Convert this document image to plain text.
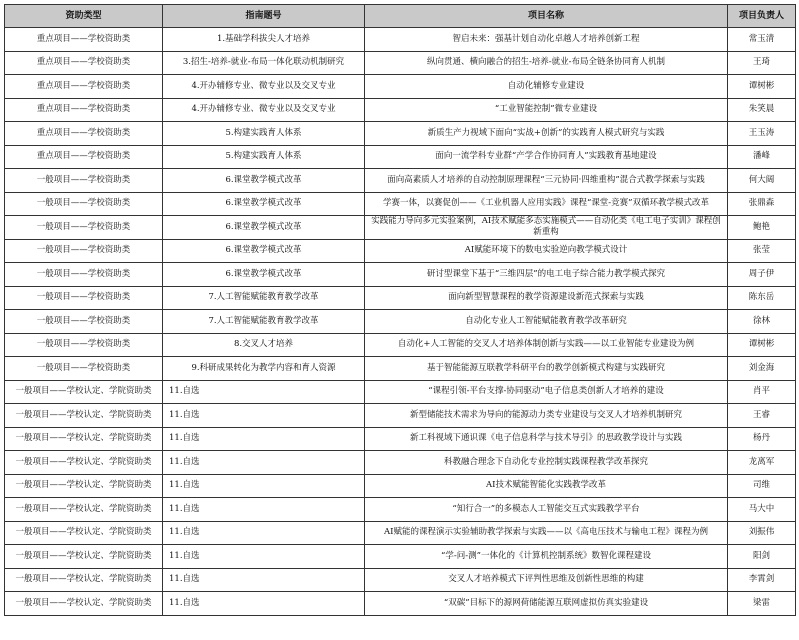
资助类型	指南题号	项目名称	项目负责人
重点项目——学校资助类	1.基础学科拔尖人才培养	智启未来：强基计划自动化卓越人才培养创新工程	常玉清
重点项目——学校资助类	3.招生-培养-就业-布局一体化联动机制研究	纵向贯通、横向融合的招生-培养-就业-布局全链条协同育人机制	王琦
重点项目——学校资助类	4.开办辅修专业、微专业以及交叉专业	自动化辅修专业建设	谭树彬
重点项目——学校资助类	4.开办辅修专业、微专业以及交叉专业	“工业智能控制”微专业建设	朱笑晨
重点项目——学校资助类	5.构建实践育人体系	新质生产力视域下面向“实战+创新”的实践育人模式研究与实践	王玉涛
重点项目——学校资助类	5.构建实践育人体系	面向一流学科专业群“产学合作协同育人”实践教育基地建设	潘峰
一般项目——学校资助类	6.课堂教学模式改革	面向高素质人才培养的自动控制原理课程“三元协同·四维重构”混合式教学探索与实践	何大阔
一般项目——学校资助类	6.课堂教学模式改革	学赛一体，以赛促创——《工业机器人应用实践》课程“课堂-竞赛”双循环教学模式改革	张鼎森
一般项目——学校资助类	6.课堂教学模式改革	实践能力导向多元实验案例，AI技术赋能多态实施模式——自动化类《电工电子实训》课程创新重构	鲍艳
一般项目——学校资助类	6.课堂教学模式改革	AI赋能环境下的数电实验逆向教学模式设计	张莹
一般项目——学校资助类	6.课堂教学模式改革	研讨型课堂下基于“三维四层”的电工电子综合能力教学模式探究	周子伊
一般项目——学校资助类	7.人工智能赋能教育教学改革	面向新型智慧课程的教学资源建设新范式探索与实践	陈东岳
一般项目——学校资助类	7.人工智能赋能教育教学改革	自动化专业人工智能赋能教育教学改革研究	徐林
一般项目——学校资助类	8.交叉人才培养	自动化+人工智能的交叉人才培养体制创新与实践——以工业智能专业建设为例	谭树彬
一般项目——学校资助类	9.科研成果转化为教学内容和育人资源	基于智能能源互联教学科研平台的教学创新模式构建与实践研究	刘金海
一般项目——学校认定、学院资助类	11.自选	“课程引领-平台支撑-协同驱动”电子信息类创新人才培养的建设	肖平
一般项目——学校认定、学院资助类	11.自选	新型储能技术需求为导向的能源动力类专业建设与交叉人才培养机制研究	王睿
一般项目——学校认定、学院资助类	11.自选	新工科视域下通识课《电子信息科学与技术导引》的思政教学设计与实践	杨丹
一般项目——学校认定、学院资助类	11.自选	科教融合理念下自动化专业控制实践课程教学改革探究	龙离军
一般项目——学校认定、学院资助类	11.自选	AI技术赋能智能化实践教学改革	司维
一般项目——学校认定、学院资助类	11.自选	“知行合一”的多模态人工智能交互式实践教学平台	马大中
一般项目——学校认定、学院资助类	11.自选	AI赋能的课程演示实验辅助教学探索与实践——以《高电压技术与输电工程》课程为例	刘振伟
一般项目——学校认定、学院资助类	11.自选	“学-问-测”一体化的《计算机控制系统》数智化课程建设	阳剑
一般项目——学校认定、学院资助类	11.自选	交叉人才培养模式下评判性思维及创新性思维的构建	李霄剑
一般项目——学校认定、学院资助类	11.自选	“双碳”目标下的源网荷储能源互联网虚拟仿真实验建设	梁雷
